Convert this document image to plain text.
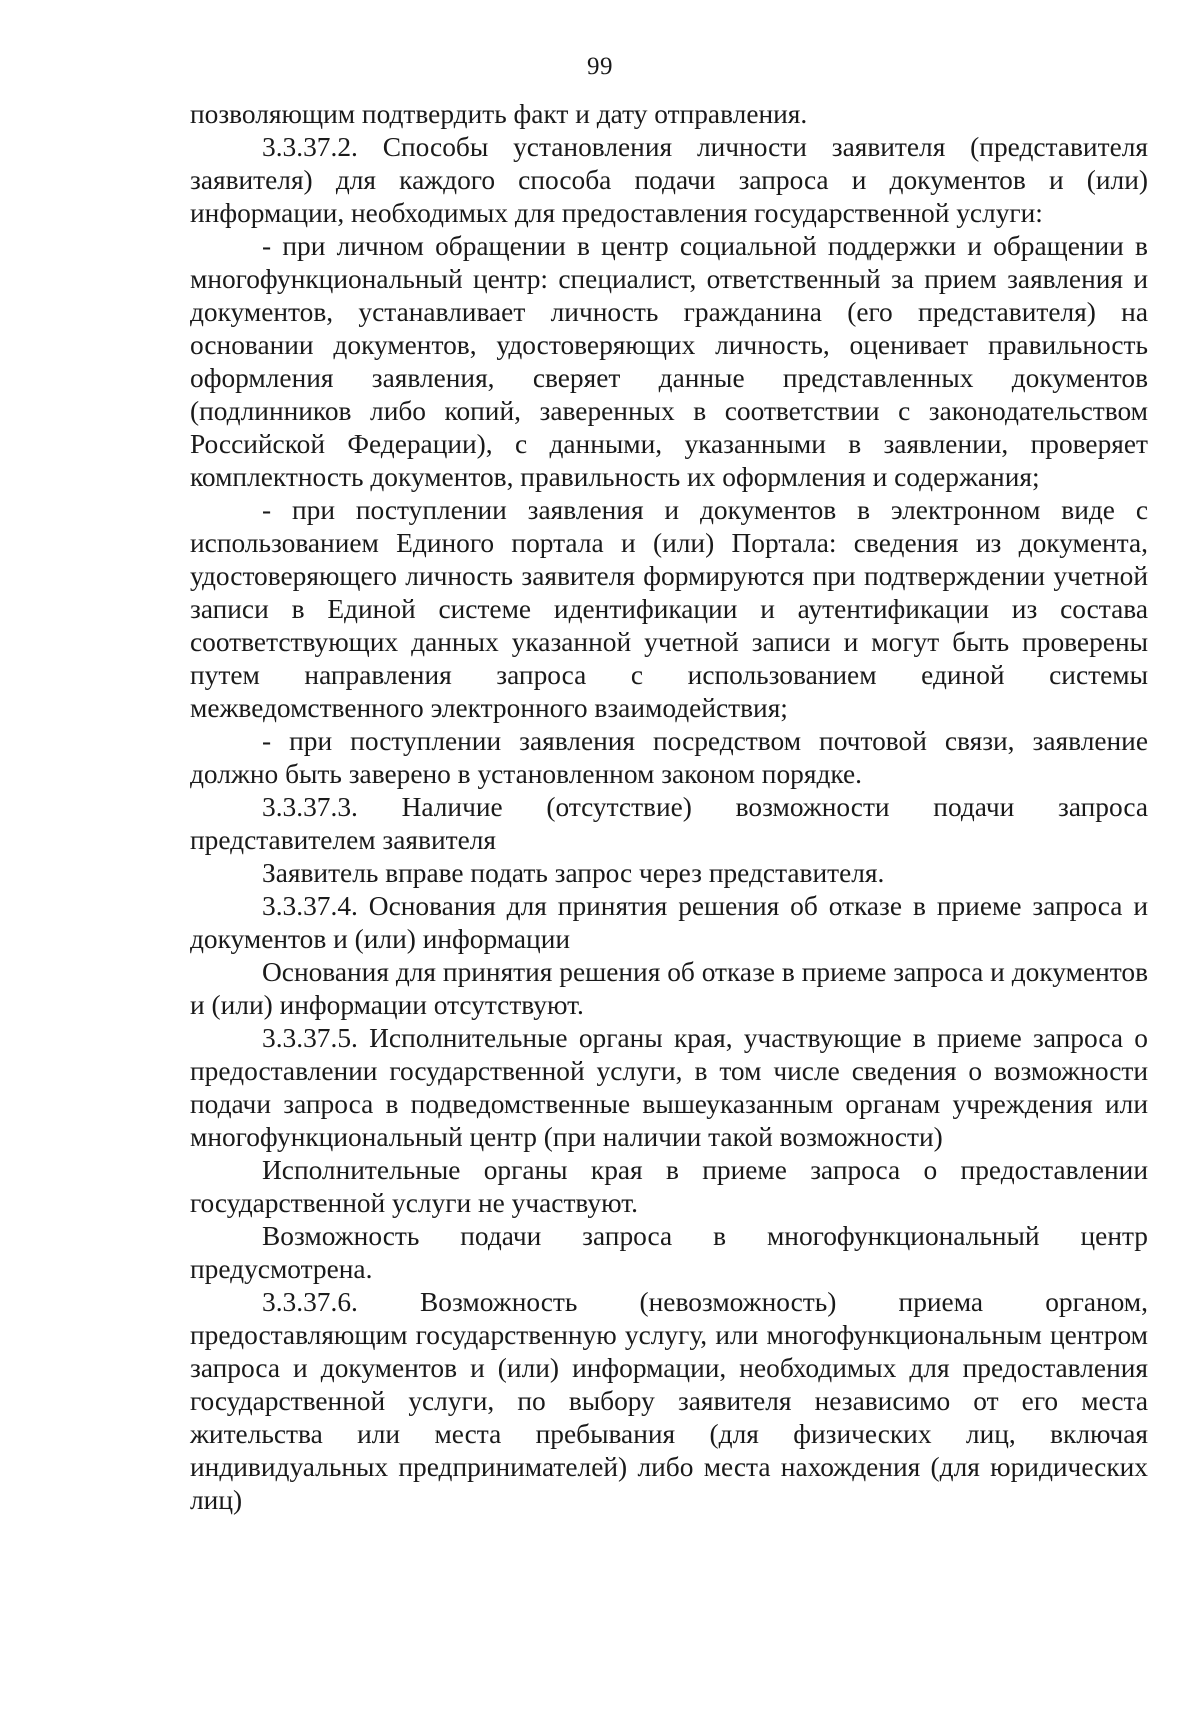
99

позволяющим подтвердить факт и дату отправления.

3.3.37.2. Способы установления личности заявителя (представителя заявителя) для каждого способа подачи запроса и документов и (или) информации, необходимых для предоставления государственной услуги:

- при личном обращении в центр социальной поддержки и обращении в многофункциональный центр: специалист, ответственный за прием заявления и документов, устанавливает личность гражданина (его представителя) на основании документов, удостоверяющих личность, оценивает правильность оформления заявления, сверяет данные представленных документов (подлинников либо копий, заверенных в соответствии с законодательством Российской Федерации), с данными, указанными в заявлении, проверяет комплектность документов, правильность их оформления и содержания;

- при поступлении заявления и документов в электронном виде с использованием Единого портала и (или) Портала: сведения из документа, удостоверяющего личность заявителя формируются при подтверждении учетной записи в Единой системе идентификации и аутентификации из состава соответствующих данных указанной учетной записи и могут быть проверены путем направления запроса с использованием единой системы межведомственного электронного взаимодействия;

- при поступлении заявления посредством почтовой связи, заявление должно быть заверено в установленном законом порядке.

3.3.37.3. Наличие (отсутствие) возможности подачи запроса представителем заявителя

Заявитель вправе подать запрос через представителя.

3.3.37.4. Основания для принятия решения об отказе в приеме запроса и документов и (или) информации

Основания для принятия решения об отказе в приеме запроса и документов и (или) информации отсутствуют.

3.3.37.5. Исполнительные органы края, участвующие в приеме запроса о предоставлении государственной услуги, в том числе сведения о возможности подачи запроса в подведомственные вышеуказанным органам учреждения или многофункциональный центр (при наличии такой возможности)

Исполнительные органы края в приеме запроса о предоставлении государственной услуги не участвуют.

Возможность подачи запроса в многофункциональный центр предусмотрена.

3.3.37.6. Возможность (невозможность) приема органом, предоставляющим государственную услугу, или многофункциональным центром запроса и документов и (или) информации, необходимых для предоставления государственной услуги, по выбору заявителя независимо от его места жительства или места пребывания (для физических лиц, включая индивидуальных предпринимателей) либо места нахождения (для юридических лиц)
